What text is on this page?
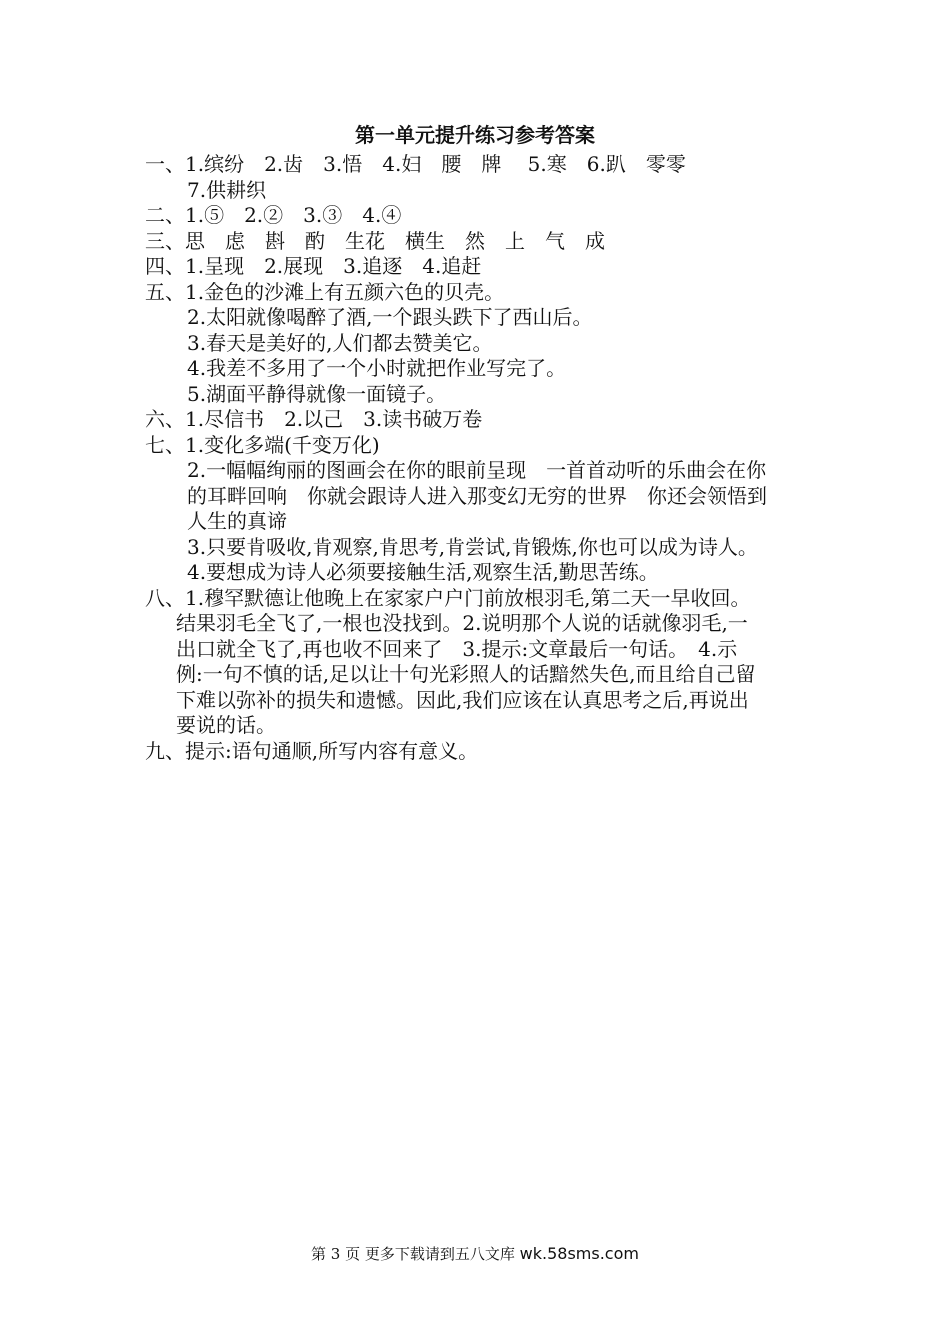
第一单元提升练习参考答案
一、1.缤纷　2.齿　3.悟　4.妇　腰　牌　 5.寒　6.趴　零零
7.供耕织
二、1.⑤　2.②　3.③　4.④
三、思　虑　斟　酌　生花　横生　然　上　气　成
四、1.呈现　2.展现　3.追逐　4.追赶
五、1.金色的沙滩上有五颜六色的贝壳。
2.太阳就像喝醉了酒,一个跟头跌下了西山后。
3.春天是美好的,人们都去赞美它。
4.我差不多用了一个小时就把作业写完了。
5.湖面平静得就像一面镜子。
六、1.尽信书　2.以己　3.读书破万卷
七、1.变化多端(千变万化)
2.一幅幅绚丽的图画会在你的眼前呈现　一首首动听的乐曲会在你
的耳畔回响　你就会跟诗人进入那变幻无穷的世界　你还会领悟到
人生的真谛
3.只要肯吸收,肯观察,肯思考,肯尝试,肯锻炼,你也可以成为诗人。
4.要想成为诗人必须要接触生活,观察生活,勤思苦练。
八、1.穆罕默德让他晚上在家家户户门前放根羽毛,第二天一早收回。
结果羽毛全飞了,一根也没找到。2.说明那个人说的话就像羽毛,一
出口就全飞了,再也收不回来了　3.提示:文章最后一句话。　4.示
例:一句不慎的话,足以让十句光彩照人的话黯然失色,而且给自己留
下难以弥补的损失和遗憾。因此,我们应该在认真思考之后,再说出
要说的话。
九、提示:语句通顺,所写内容有意义。
第 3 页 更多下载请到五八文库 wk.58sms.com
